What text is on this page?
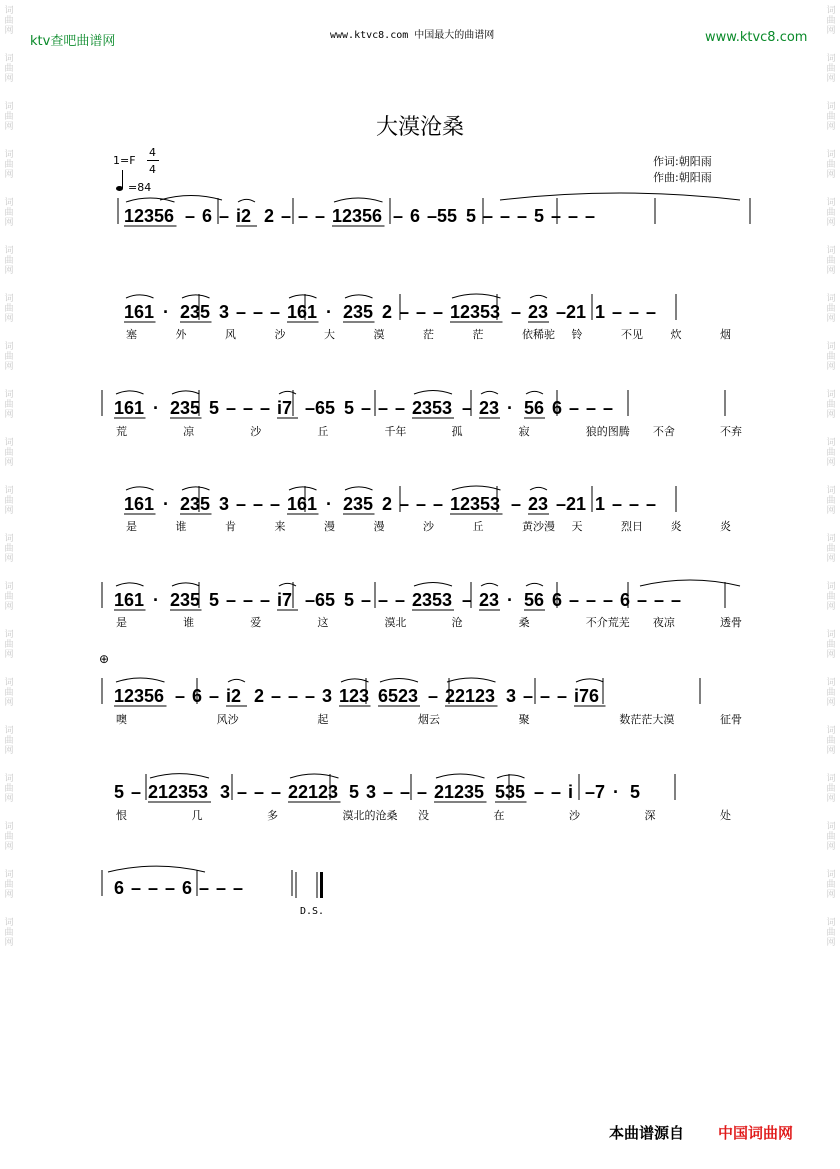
词
曲
网
词
曲
网
词
曲
网
词
曲
网
词
曲
网
词
曲
网
词
曲
网
词
曲
网
词
曲
网
词
曲
网
词
曲
网
词
曲
网
词
曲
网
词
曲
网
词
曲
网
词
曲
网
词
曲
网
词
曲
网
词
曲
网
词
曲
网
词
曲
网
词
曲
网
词
曲
网
词
曲
网
词
曲
网
词
曲
网
词
曲
网
词
曲
网
词
曲
网
词
曲
网
词
曲
网
词
曲
网
词
曲
网
词
曲
网
词
曲
网
词
曲
网
词
曲
网
词
曲
网
词
曲
网
词
曲
网
ktv查吧曲谱网	www.ktvc8.com 中国最大的曲谱网	www.ktvc8.com
大漠沧桑
1=F
4
4
=84
作词:朝阳雨
作曲:朝阳雨
12356 – 6 – i2 2 – – – 12356 – 6 –55 5 – – – 5 – – –
161 · 235 3 – – – 161 · 235 2 – – – 12353 – 23 –21 1 – – –
塞	外	风	沙	大	漠	茫	茫	依稀驼 铃	不见	炊	烟
161 · 235 5 – – – i7 –65 5 – – – 2353 – 23 · 56 6 – – –
荒	凉	沙	丘	千年	孤	寂	狼的图腾 不舍	不弃
161 · 235 3 – – – 161 · 235 2 – – – 12353 – 23 –21 1 – – –
是	谁	肯	来	漫	漫	沙	丘	黄沙漫 天	烈日	炎	炎
161 · 235 5 – – – i7 –65 5 – – – 2353 – 23 · 56 6 – – – 6 – – –
是	谁	爱	这	漠北	沧	桑	不介荒芜 夜凉	透骨
12356 – 6 – i2 2 – – – 3 123 6523 – 22123 3 – – – i76
噢	风沙	起	烟云	聚	数茫茫大漠	征骨
5 – 212353 3 – – – 22123 5 3 – – – 21235 535 – – i –7 · 5
恨	几	多	漠北的沧桑 没	在	沙	深	处
6 – – – 6 – – –
⊕
D.S.
本曲谱源自 中国词曲网
